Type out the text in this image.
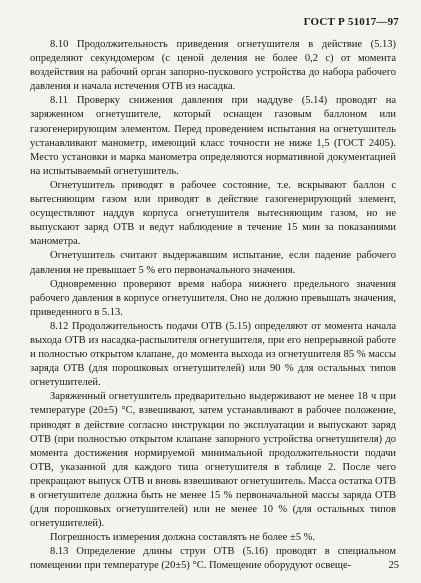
ГОСТ Р 51017—97

8.10 Продолжительность приведения огнетушителя в действие (5.13) определяют секундомером (с ценой деления не более 0,2 с) от момента воздействия на рабочий орган запорно-пускового устройства до набора рабочего давления и начала истечения ОТВ из насадка.

8.11 Проверку снижения давления при наддуве (5.14) проводят на заряженном огнетушителе, который оснащен газовым баллоном или газогенерирующим элементом. Перед проведением испытания на огнетушитель устанавливают манометр, имеющий класс точности не ниже 1,5 (ГОСТ 2405). Место установки и марка манометра определяются нормативной документацией на испытываемый огнетушитель.

Огнетушитель приводят в рабочее состояние, т.е. вскрывают баллон с вытесняющим газом или приводят в действие газогенерирующий элемент, осуществляют наддув корпуса огнетушителя вытесняющим газом, но не выпускают заряд ОТВ и ведут наблюдение в течение 15 мин за показаниями манометра.

Огнетушитель считают выдержавшим испытание, если падение рабочего давления не превышает 5 % его первоначального значения.

Одновременно проверяют время набора нижнего предельного значения рабочего давления в корпусе огнетушителя. Оно не должно превышать значения, приведенного в 5.13.

8.12 Продолжительность подачи ОТВ (5.15) определяют от момента начала выхода ОТВ из насадка-распылителя огнетушителя, при его непрерывной работе и полностью открытом клапане, до момента выхода из огнетушителя 85 % массы заряда ОТВ (для порошковых огнетушителей) или 90 % для остальных типов огнетушителей.

Заряженный огнетушитель предварительно выдерживают не менее 18 ч при температуре (20±5) °С, взвешивают, затем устанавливают в рабочее положение, приводят в действие согласно инструкции по эксплуатации и выпускают заряд ОТВ (при полностью открытом клапане запорного устройства огнетушителя) до момента достижения нормируемой минимальной продолжительности подачи ОТВ, указанной для каждого типа огнетушителя в таблице 2. После чего прекращают выпуск ОТВ и вновь взвешивают огнетушитель. Масса остатка ОТВ в огнетушителе должна быть не менее 15 % первоначальной массы заряда ОТВ (для порошковых огнетушителей) или не менее 10 % (для остальных типов огнетушителей).

Погрешность измерения должна составлять не более ±5 %.

8.13 Определение длины струи ОТВ (5.16) проводят в специальном помещении при температуре (20±5) °С. Помещение оборудуют освеще-	25
